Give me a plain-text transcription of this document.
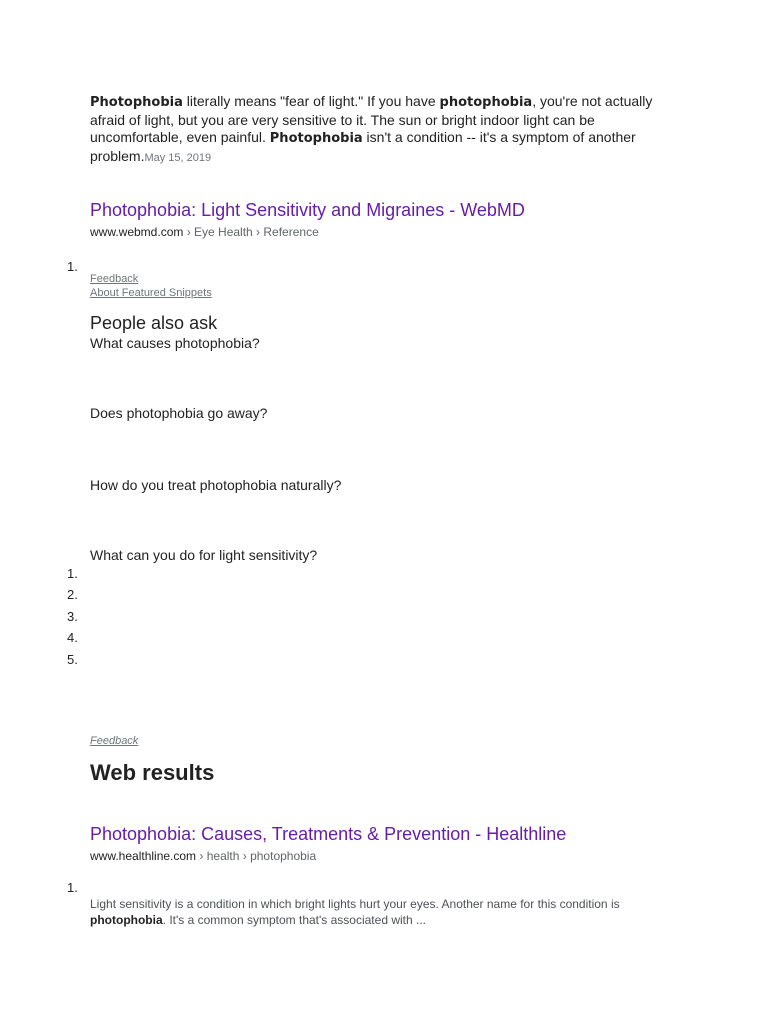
Photophobia literally means "fear of light." If you have photophobia, you're not actually afraid of light, but you are very sensitive to it. The sun or bright indoor light can be uncomfortable, even painful. Photophobia isn't a condition -- it's a symptom of another problem.May 15, 2019
Photophobia: Light Sensitivity and Migraines - WebMD
www.webmd.com › Eye Health › Reference
1.
Feedback
About Featured Snippets
People also ask
What causes photophobia?
Does photophobia go away?
How do you treat photophobia naturally?
What can you do for light sensitivity?
1.
2.
3.
4.
5.
Feedback
Web results
Photophobia: Causes, Treatments & Prevention - Healthline
www.healthline.com › health › photophobia
1.
Light sensitivity is a condition in which bright lights hurt your eyes. Another name for this condition is photophobia. It's a common symptom that's associated with ...
